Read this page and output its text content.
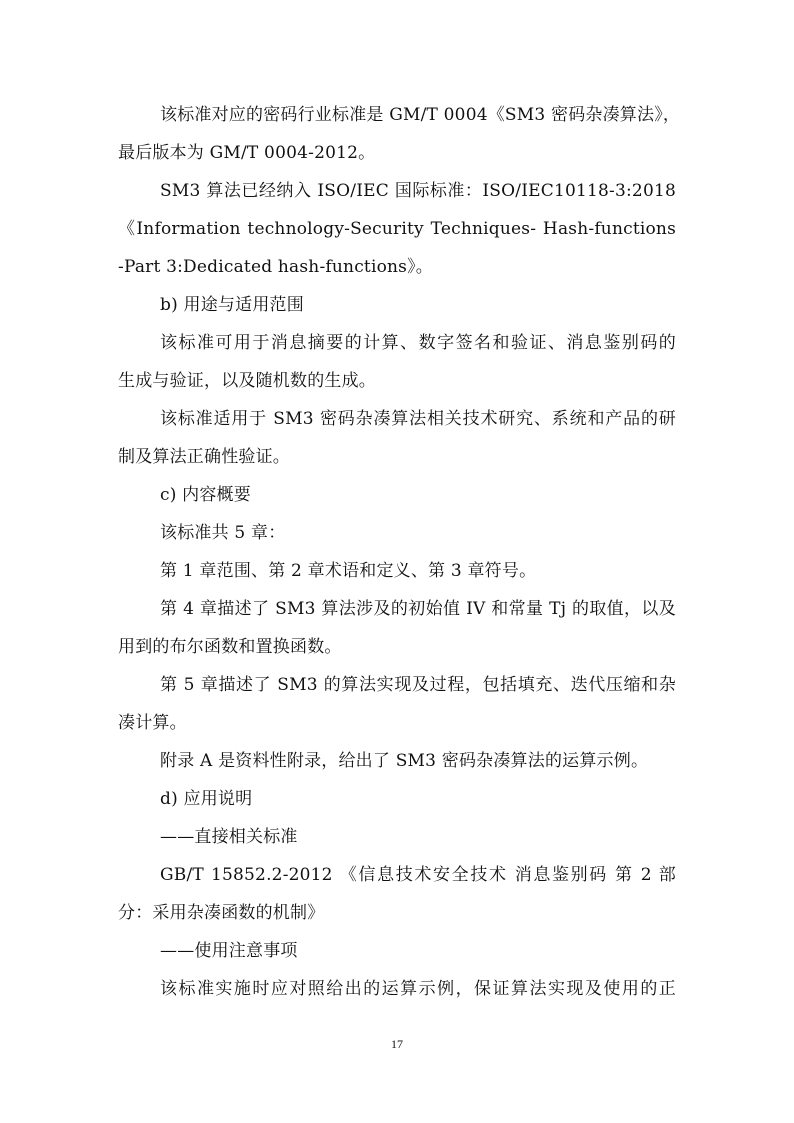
该标准对应的密码行业标准是 GM/T 0004《SM3 密码杂凑算法》，
最后版本为 GM/T 0004-2012。
SM3 算法已经纳入 ISO/IEC 国际标准：ISO/IEC10118-3:2018
《Information technology-Security Techniques- Hash-functions
-Part 3:Dedicated hash-functions》。
b) 用途与适用范围
该标准可用于消息摘要的计算、数字签名和验证、消息鉴别码的
生成与验证，以及随机数的生成。
该标准适用于 SM3 密码杂凑算法相关技术研究、系统和产品的研
制及算法正确性验证。
c) 内容概要
该标准共 5 章：
第 1 章范围、第 2 章术语和定义、第 3 章符号。
第 4 章描述了 SM3 算法涉及的初始值 IV 和常量 Tj 的取值，以及
用到的布尔函数和置换函数。
第 5 章描述了 SM3 的算法实现及过程，包括填充、迭代压缩和杂
凑计算。
附录 A 是资料性附录，给出了 SM3 密码杂凑算法的运算示例。
d) 应用说明
——直接相关标准
GB/T 15852.2-2012 《信息技术安全技术 消息鉴别码 第 2 部
分：采用杂凑函数的机制》
——使用注意事项
该标准实施时应对照给出的运算示例，保证算法实现及使用的正
17
